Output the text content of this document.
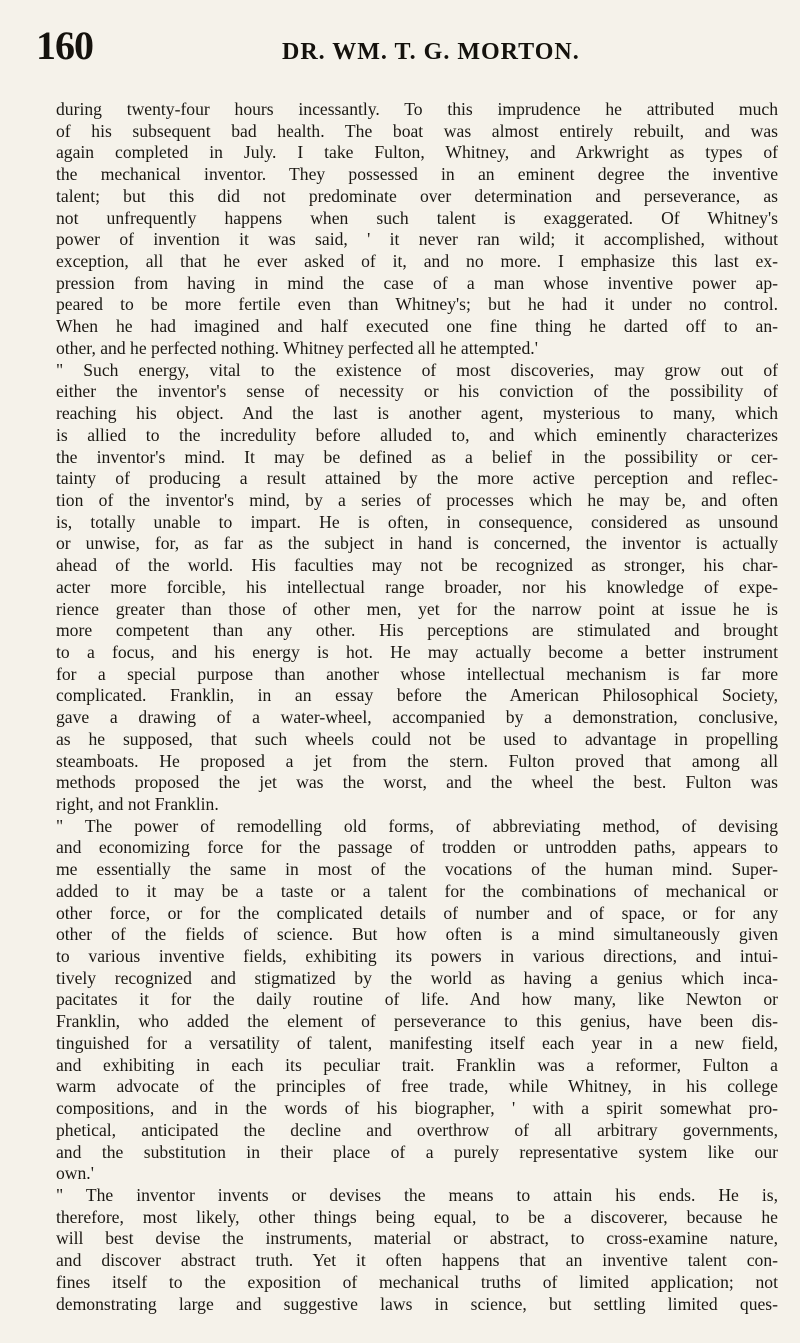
160	DR. WM. T. G. MORTON.
during twenty-four hours incessantly. To this imprudence he attributed much
of his subsequent bad health. The boat was almost entirely rebuilt, and was
again completed in July. I take Fulton, Whitney, and Arkwright as types of
the mechanical inventor. They possessed in an eminent degree the inventive
talent; but this did not predominate over determination and perseverance, as
not unfrequently happens when such talent is exaggerated. Of Whitney's
power of invention it was said, ' it never ran wild; it accomplished, without
exception, all that he ever asked of it, and no more. I emphasize this last ex-
pression from having in mind the case of a man whose inventive power ap-
peared to be more fertile even than Whitney's; but he had it under no control.
When he had imagined and half executed one fine thing he darted off to an-
other, and he perfected nothing. Whitney perfected all he attempted.'
" Such energy, vital to the existence of most discoveries, may grow out of
either the inventor's sense of necessity or his conviction of the possibility of
reaching his object. And the last is another agent, mysterious to many, which
is allied to the incredulity before alluded to, and which eminently characterizes
the inventor's mind. It may be defined as a belief in the possibility or cer-
tainty of producing a result attained by the more active perception and reflec-
tion of the inventor's mind, by a series of processes which he may be, and often
is, totally unable to impart. He is often, in consequence, considered as unsound
or unwise, for, as far as the subject in hand is concerned, the inventor is actually
ahead of the world. His faculties may not be recognized as stronger, his char-
acter more forcible, his intellectual range broader, nor his knowledge of expe-
rience greater than those of other men, yet for the narrow point at issue he is
more competent than any other. His perceptions are stimulated and brought
to a focus, and his energy is hot. He may actually become a better instrument
for a special purpose than another whose intellectual mechanism is far more
complicated. Franklin, in an essay before the American Philosophical Society,
gave a drawing of a water-wheel, accompanied by a demonstration, conclusive,
as he supposed, that such wheels could not be used to advantage in propelling
steamboats. He proposed a jet from the stern. Fulton proved that among all
methods proposed the jet was the worst, and the wheel the best. Fulton was
right, and not Franklin.
" The power of remodelling old forms, of abbreviating method, of devising
and economizing force for the passage of trodden or untrodden paths, appears to
me essentially the same in most of the vocations of the human mind. Super-
added to it may be a taste or a talent for the combinations of mechanical or
other force, or for the complicated details of number and of space, or for any
other of the fields of science. But how often is a mind simultaneously given
to various inventive fields, exhibiting its powers in various directions, and intui-
tively recognized and stigmatized by the world as having a genius which inca-
pacitates it for the daily routine of life. And how many, like Newton or
Franklin, who added the element of perseverance to this genius, have been dis-
tinguished for a versatility of talent, manifesting itself each year in a new field,
and exhibiting in each its peculiar trait. Franklin was a reformer, Fulton a
warm advocate of the principles of free trade, while Whitney, in his college
compositions, and in the words of his biographer, ' with a spirit somewhat pro-
phetical, anticipated the decline and overthrow of all arbitrary governments,
and the substitution in their place of a purely representative system like our
own.'
" The inventor invents or devises the means to attain his ends. He is,
therefore, most likely, other things being equal, to be a discoverer, because he
will best devise the instruments, material or abstract, to cross-examine nature,
and discover abstract truth. Yet it often happens that an inventive talent con-
fines itself to the exposition of mechanical truths of limited application; not
demonstrating large and suggestive laws in science, but settling limited ques-
